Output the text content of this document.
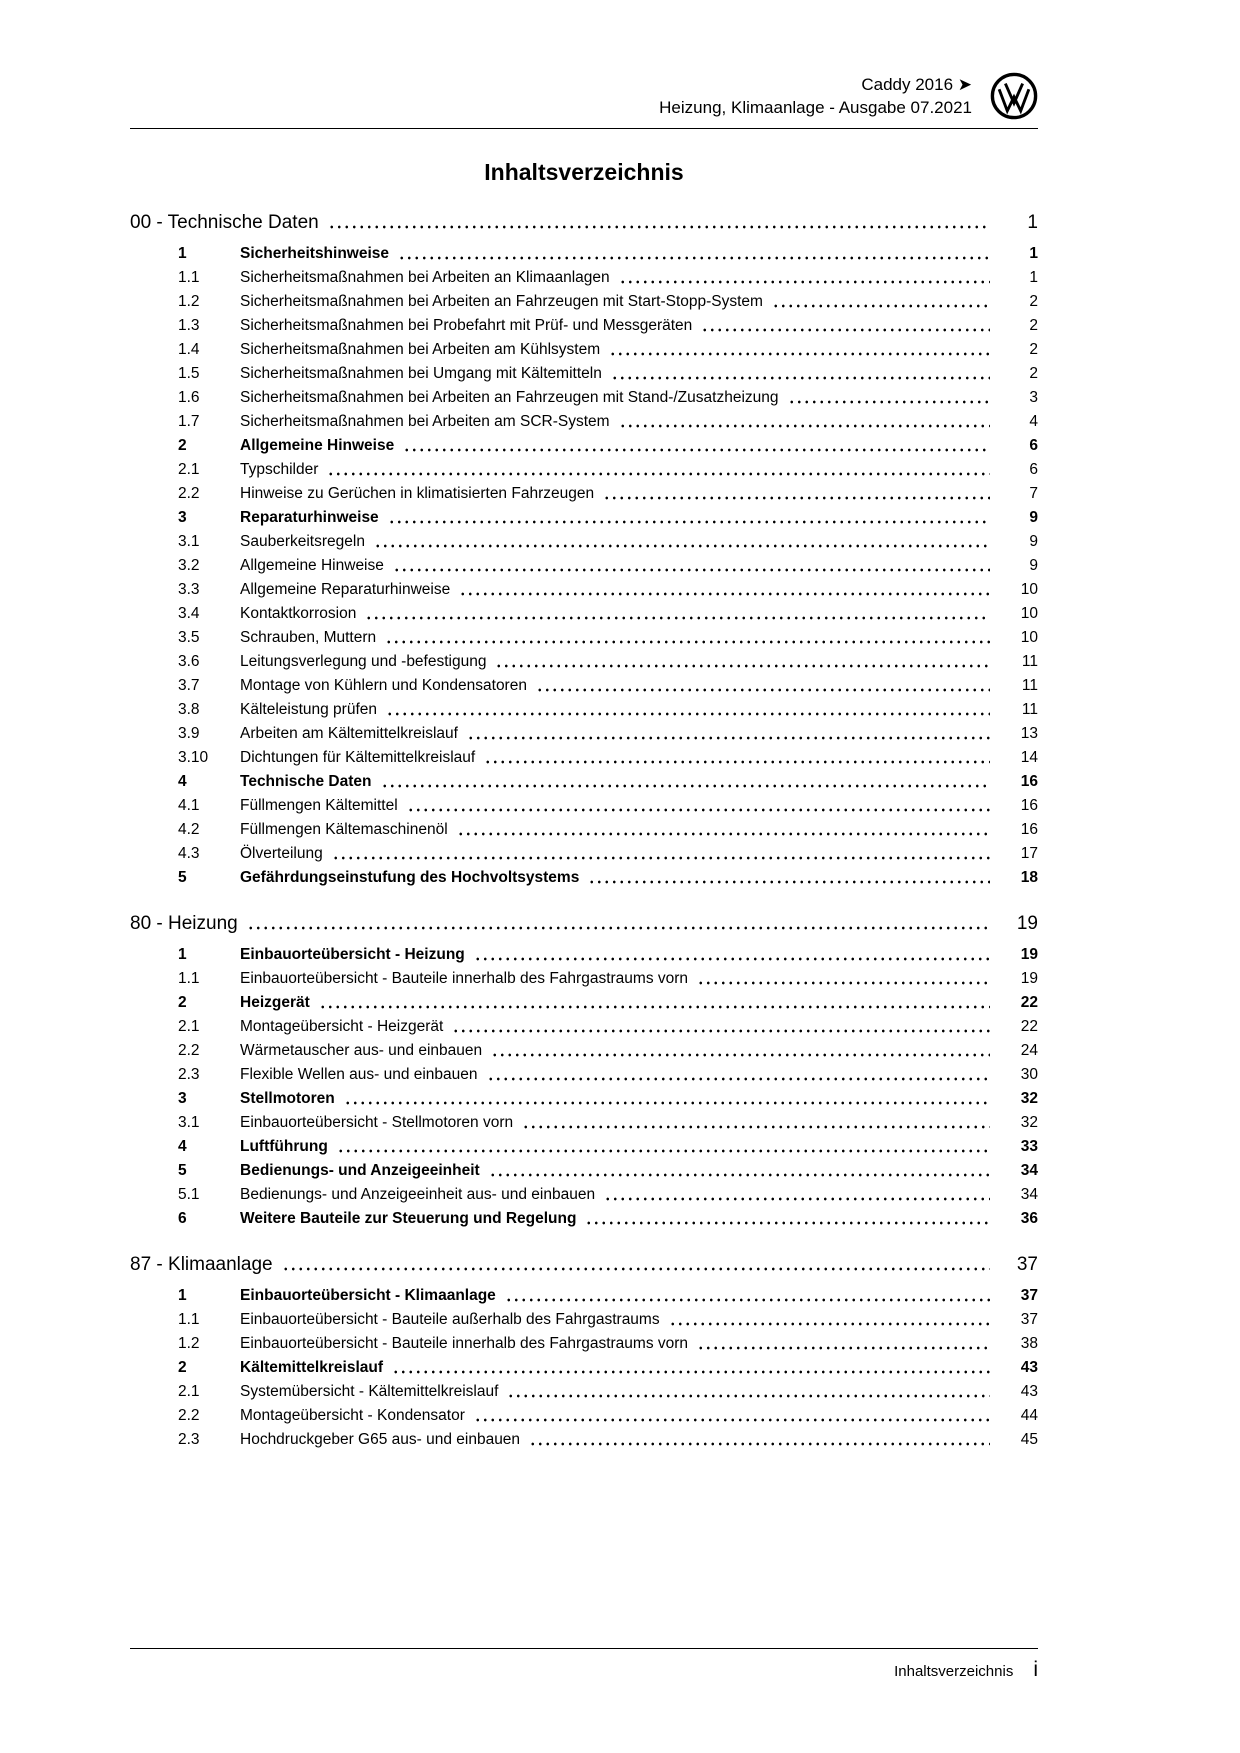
Caddy 2016 ➤
Heizung, Klimaanlage - Ausgabe 07.2021
Inhaltsverzeichnis
00 - Technische Daten	1
1	Sicherheitshinweise	1
1.1	Sicherheitsmaßnahmen bei Arbeiten an Klimaanlagen	1
1.2	Sicherheitsmaßnahmen bei Arbeiten an Fahrzeugen mit Start-Stopp-System	2
1.3	Sicherheitsmaßnahmen bei Probefahrt mit Prüf- und Messgeräten	2
1.4	Sicherheitsmaßnahmen bei Arbeiten am Kühlsystem	2
1.5	Sicherheitsmaßnahmen bei Umgang mit Kältemitteln	2
1.6	Sicherheitsmaßnahmen bei Arbeiten an Fahrzeugen mit Stand-/Zusatzheizung	3
1.7	Sicherheitsmaßnahmen bei Arbeiten am SCR-System	4
2	Allgemeine Hinweise	6
2.1	Typschilder	6
2.2	Hinweise zu Gerüchen in klimatisierten Fahrzeugen	7
3	Reparaturhinweise	9
3.1	Sauberkeitsregeln	9
3.2	Allgemeine Hinweise	9
3.3	Allgemeine Reparaturhinweise	10
3.4	Kontaktkorrosion	10
3.5	Schrauben, Muttern	10
3.6	Leitungsverlegung und -befestigung	11
3.7	Montage von Kühlern und Kondensatoren	11
3.8	Kälteleistung prüfen	11
3.9	Arbeiten am Kältemittelkreislauf	13
3.10	Dichtungen für Kältemittelkreislauf	14
4	Technische Daten	16
4.1	Füllmengen Kältemittel	16
4.2	Füllmengen Kältemaschinenöl	16
4.3	Ölverteilung	17
5	Gefährdungseinstufung des Hochvoltsystems	18
80 - Heizung	19
1	Einbauorteübersicht - Heizung	19
1.1	Einbauorteübersicht - Bauteile innerhalb des Fahrgastraums vorn	19
2	Heizgerät	22
2.1	Montageübersicht - Heizgerät	22
2.2	Wärmetauscher aus- und einbauen	24
2.3	Flexible Wellen aus- und einbauen	30
3	Stellmotoren	32
3.1	Einbauorteübersicht - Stellmotoren vorn	32
4	Luftführung	33
5	Bedienungs- und Anzeigeeinheit	34
5.1	Bedienungs- und Anzeigeeinheit aus- und einbauen	34
6	Weitere Bauteile zur Steuerung und Regelung	36
87 - Klimaanlage	37
1	Einbauorteübersicht - Klimaanlage	37
1.1	Einbauorteübersicht - Bauteile außerhalb des Fahrgastraums	37
1.2	Einbauorteübersicht - Bauteile innerhalb des Fahrgastraums vorn	38
2	Kältemittelkreislauf	43
2.1	Systemübersicht - Kältemittelkreislauf	43
2.2	Montageübersicht - Kondensator	44
2.3	Hochdruckgeber G65 aus- und einbauen	45
Inhaltsverzeichnis i
